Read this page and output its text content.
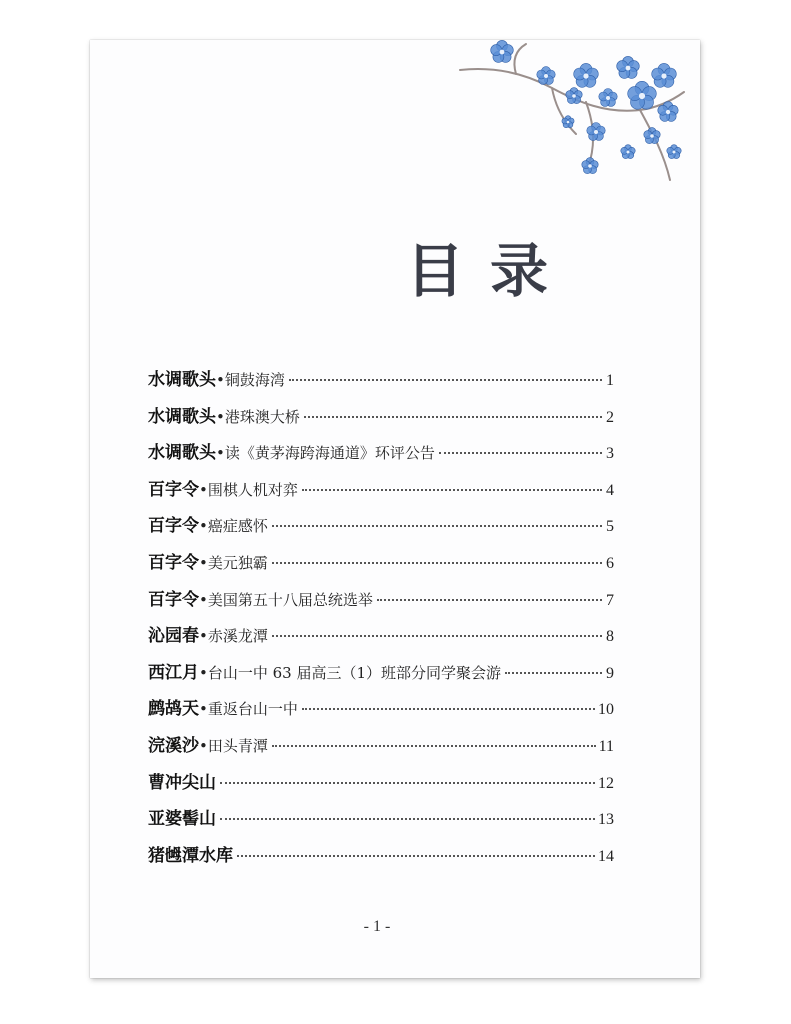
目录
水调歌头 •铜鼓海湾	1
水调歌头 •港珠澳大桥	2
水调歌头 •读《黄茅海跨海通道》环评公告	3
百字令 •围棋人机对弈	4
百字令 •癌症感怀	5
百字令 •美元独霸	6
百字令 •美国第五十八届总统选举	7
沁园春 •赤溪龙潭	8
西江月 •台山一中 63 届高三（1）班部分同学聚会游	9
鹧鸪天 •重返台山一中	10
浣溪沙 •田头青潭	11
曹冲尖山	12
亚婆髻山	13
猪乸潭水库	14
- 1 -
